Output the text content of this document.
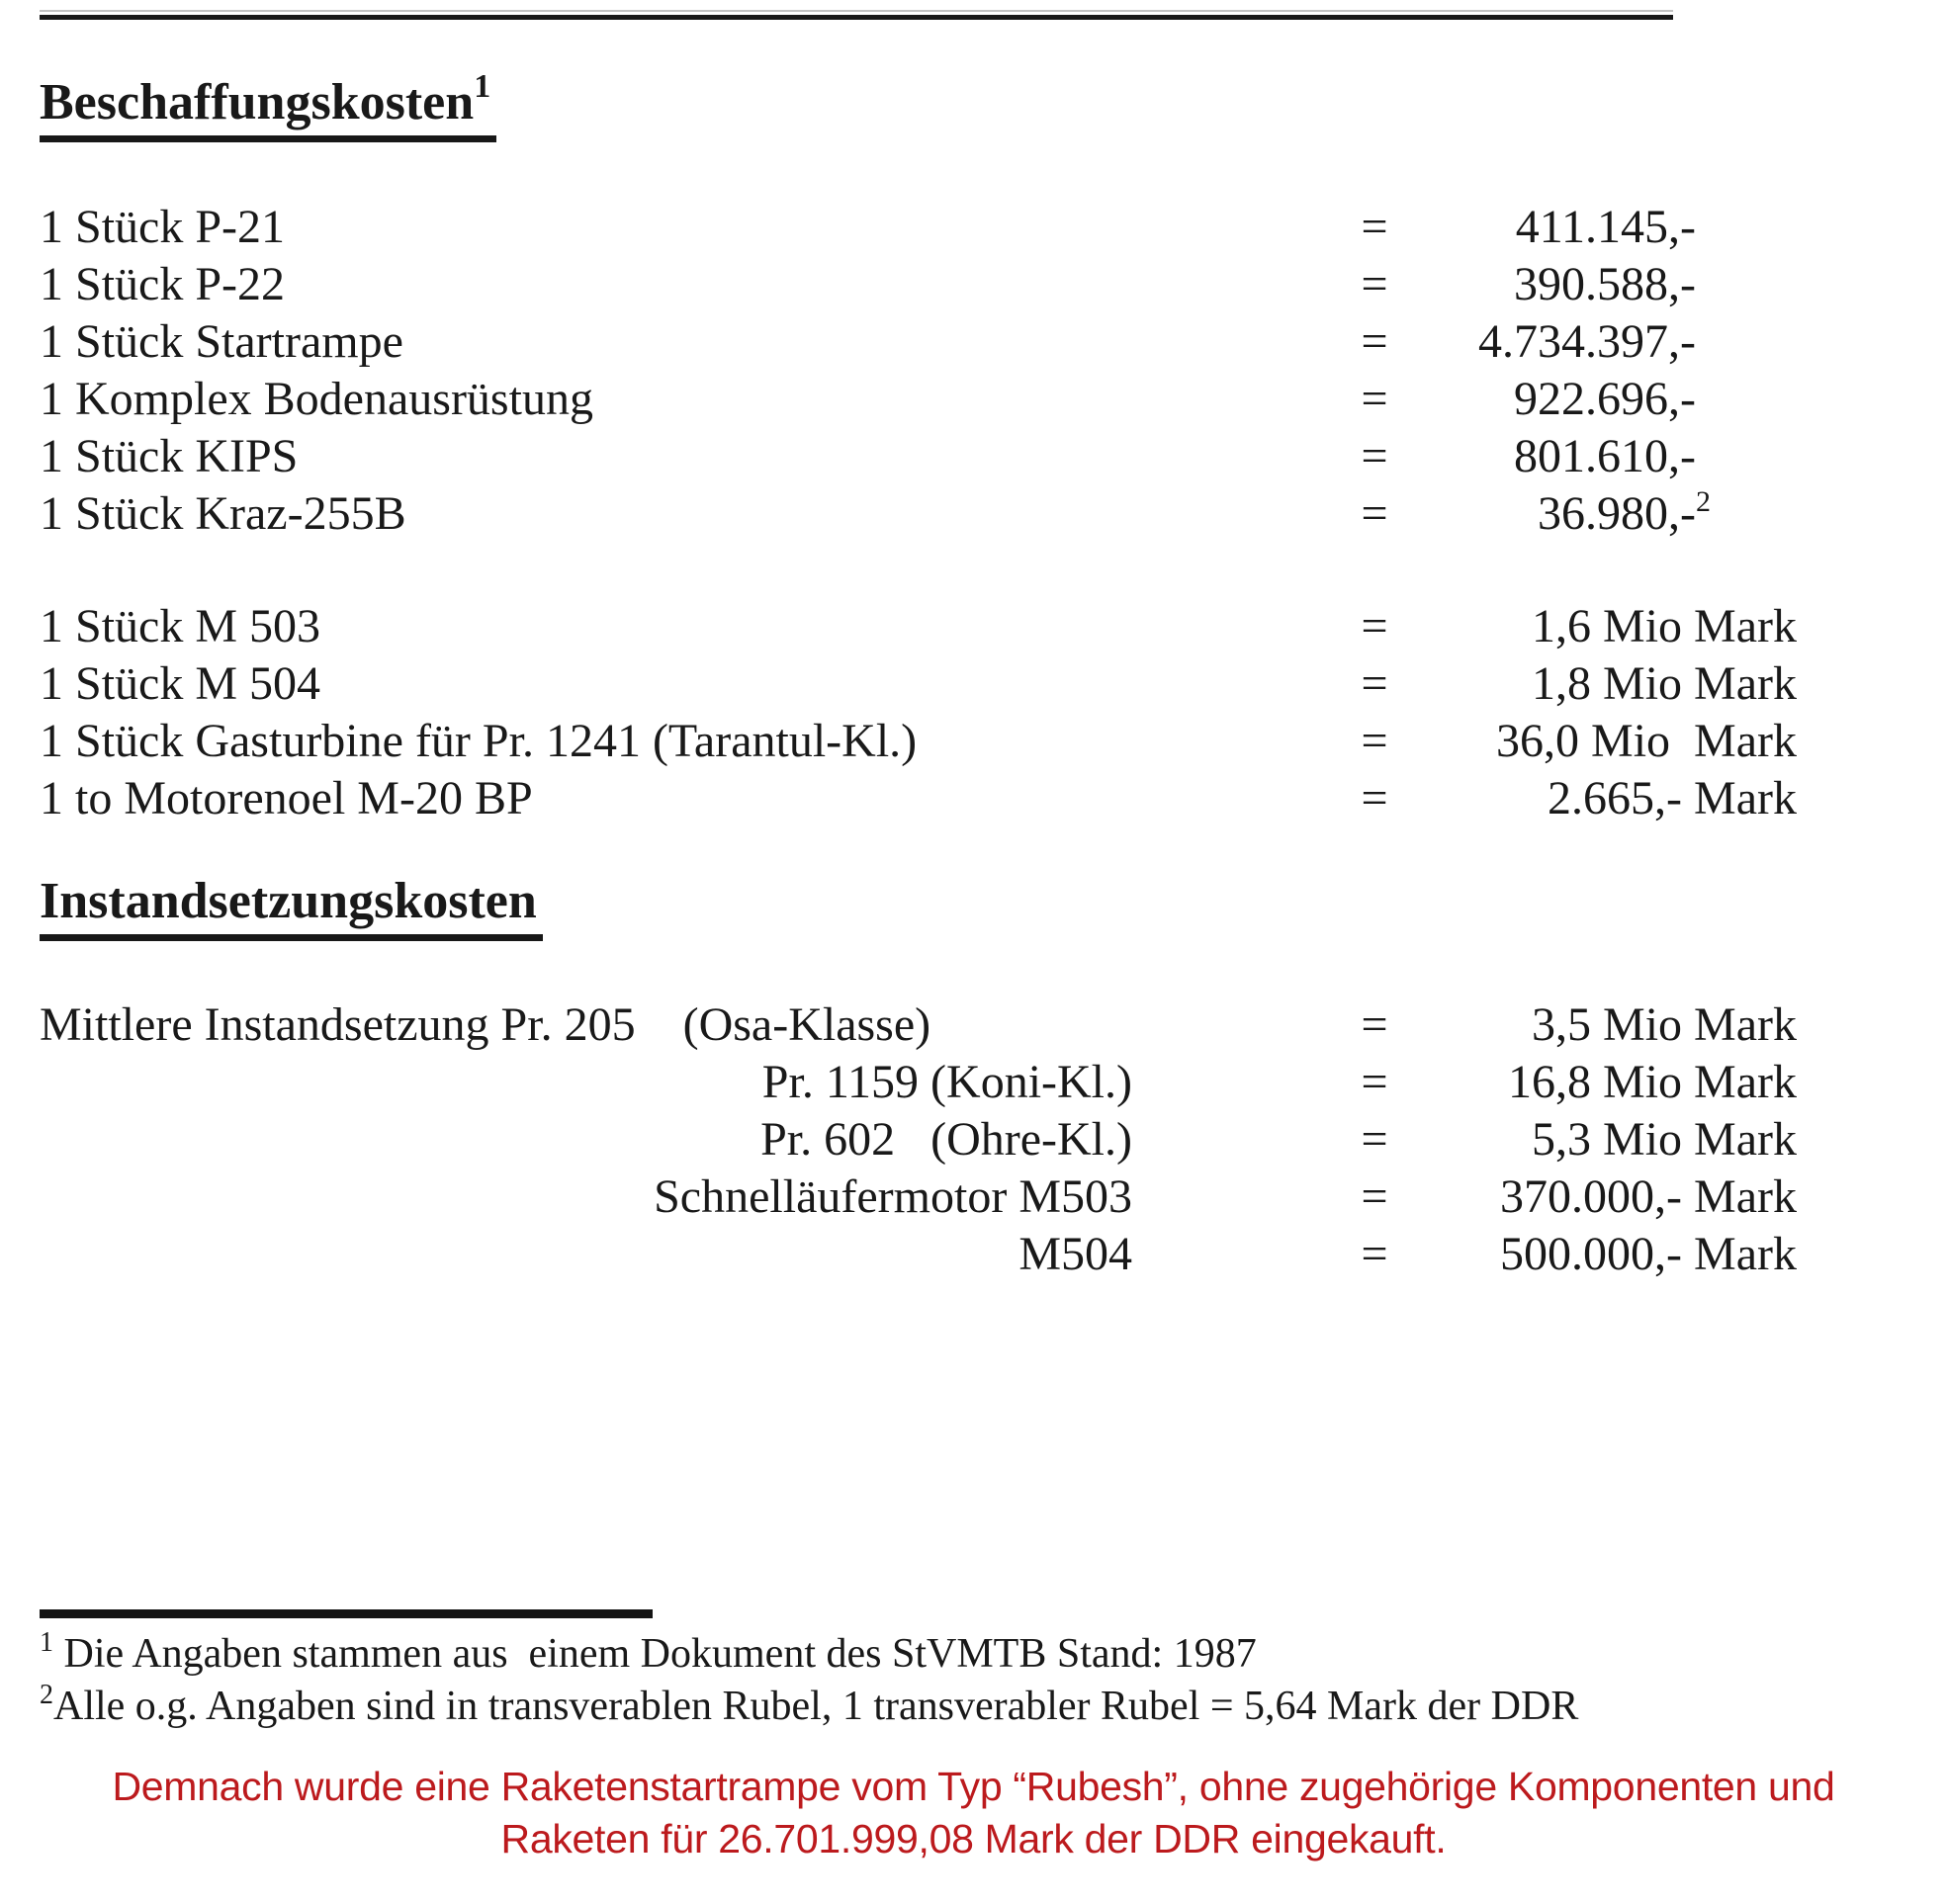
Beschaffungskosten$^1$
1 Stück P-21	=	411.145,-
1 Stück P-22	=	390.588,-
1 Stück Startrampe	=	4.734.397,-
1 Komplex Bodenausrüstung	=	922.696,-
1 Stück KIPS	=	801.610,-
1 Stück Kraz-255B	=	36.980,-$^2$
1 Stück M 503	=	1,6 Mio Mark
1 Stück M 504	=	1,8 Mio Mark
1 Stück Gasturbine für Pr. 1241 (Tarantul-Kl.)	=	36,0 Mio  Mark
1 to Motorenoel M-20 BP	=	2.665,- Mark
Instandsetzungskosten
Mittlere Instandsetzung Pr. 205    (Osa-Klasse)	=	3,5 Mio Mark
Pr. 1159 (Koni-Kl.)	=	16,8 Mio Mark
Pr. 602   (Ohre-Kl.)	=	5,3 Mio Mark
Schnelläufermotor M503	=	370.000,- Mark
M504	=	500.000,- Mark
$^1$ Die Angaben stammen aus  einem Dokument des StVMTB Stand: 1987
$^2$Alle o.g. Angaben sind in transverablen Rubel, 1 transverabler Rubel = 5,64 Mark der DDR
Demnach wurde eine Raketenstartrampe vom Typ “Rubesh”, ohne zugehörige Komponenten und
Raketen für 26.701.999,08 Mark der DDR eingekauft.
